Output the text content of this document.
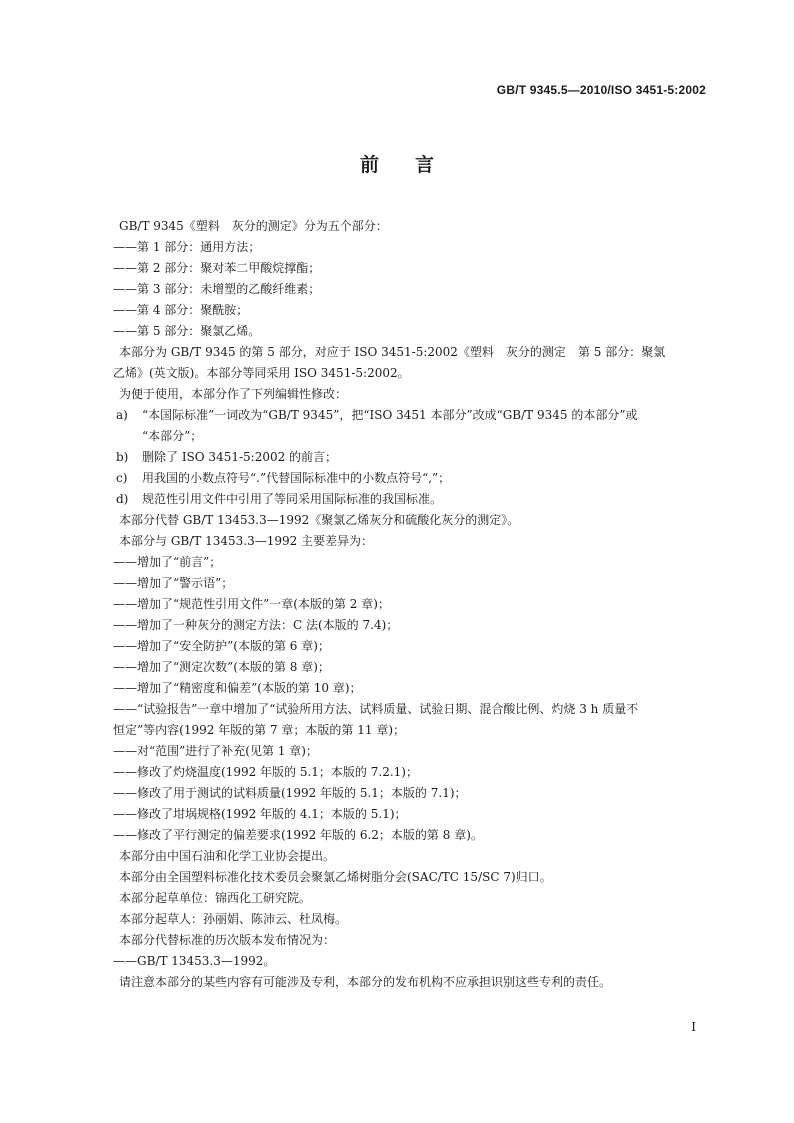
GB/T 9345.5—2010/ISO 3451-5:2002
前言

GB/T 9345《塑料　灰分的测定》分为五个部分：

——第 1 部分：通用方法；

——第 2 部分：聚对苯二甲酸烷撑酯；

——第 3 部分：未增塑的乙酸纤维素；

——第 4 部分：聚酰胺；

——第 5 部分：聚氯乙烯。

本部分为 GB/T 9345 的第 5 部分，对应于 ISO 3451-5:2002《塑料　灰分的测定　第 5 部分：聚氯

乙烯》(英文版)。本部分等同采用 ISO 3451-5:2002。

为便于使用，本部分作了下列编辑性修改：

a)	“本国际标准”一词改为“GB/T 9345”，把“ISO 3451 本部分”改成“GB/T 9345 的本部分”或
“本部分”；
b)	删除了 ISO 3451-5:2002 的前言；
c)	用我国的小数点符号“.”代替国际标准中的小数点符号“,”；
d)	规范性引用文件中引用了等同采用国际标准的我国标准。

本部分代替 GB/T 13453.3—1992《聚氯乙烯灰分和硫酸化灰分的测定》。

本部分与 GB/T 13453.3—1992 主要差异为：

——增加了“前言”；

——增加了“警示语”；

——增加了“规范性引用文件”一章(本版的第 2 章)；

——增加了一种灰分的测定方法：C 法(本版的 7.4)；

——增加了“安全防护”(本版的第 6 章)；

——增加了“测定次数”(本版的第 8 章)；

——增加了“精密度和偏差”(本版的第 10 章)；

——“试验报告”一章中增加了“试验所用方法、试料质量、试验日期、混合酸比例、灼烧 3 h 质量不

恒定”等内容(1992 年版的第 7 章；本版的第 11 章)；

——对“范围”进行了补充(见第 1 章)；

——修改了灼烧温度(1992 年版的 5.1；本版的 7.2.1)；

——修改了用于测试的试料质量(1992 年版的 5.1；本版的 7.1)；

——修改了坩埚规格(1992 年版的 4.1；本版的 5.1)；

——修改了平行测定的偏差要求(1992 年版的 6.2；本版的第 8 章)。

本部分由中国石油和化学工业协会提出。

本部分由全国塑料标准化技术委员会聚氯乙烯树脂分会(SAC/TC 15/SC 7)归口。

本部分起草单位：锦西化工研究院。

本部分起草人：孙丽娟、陈沛云、杜凤梅。

本部分代替标准的历次版本发布情况为：

——GB/T 13453.3—1992。

请注意本部分的某些内容有可能涉及专利，本部分的发布机构不应承担识别这些专利的责任。

I
